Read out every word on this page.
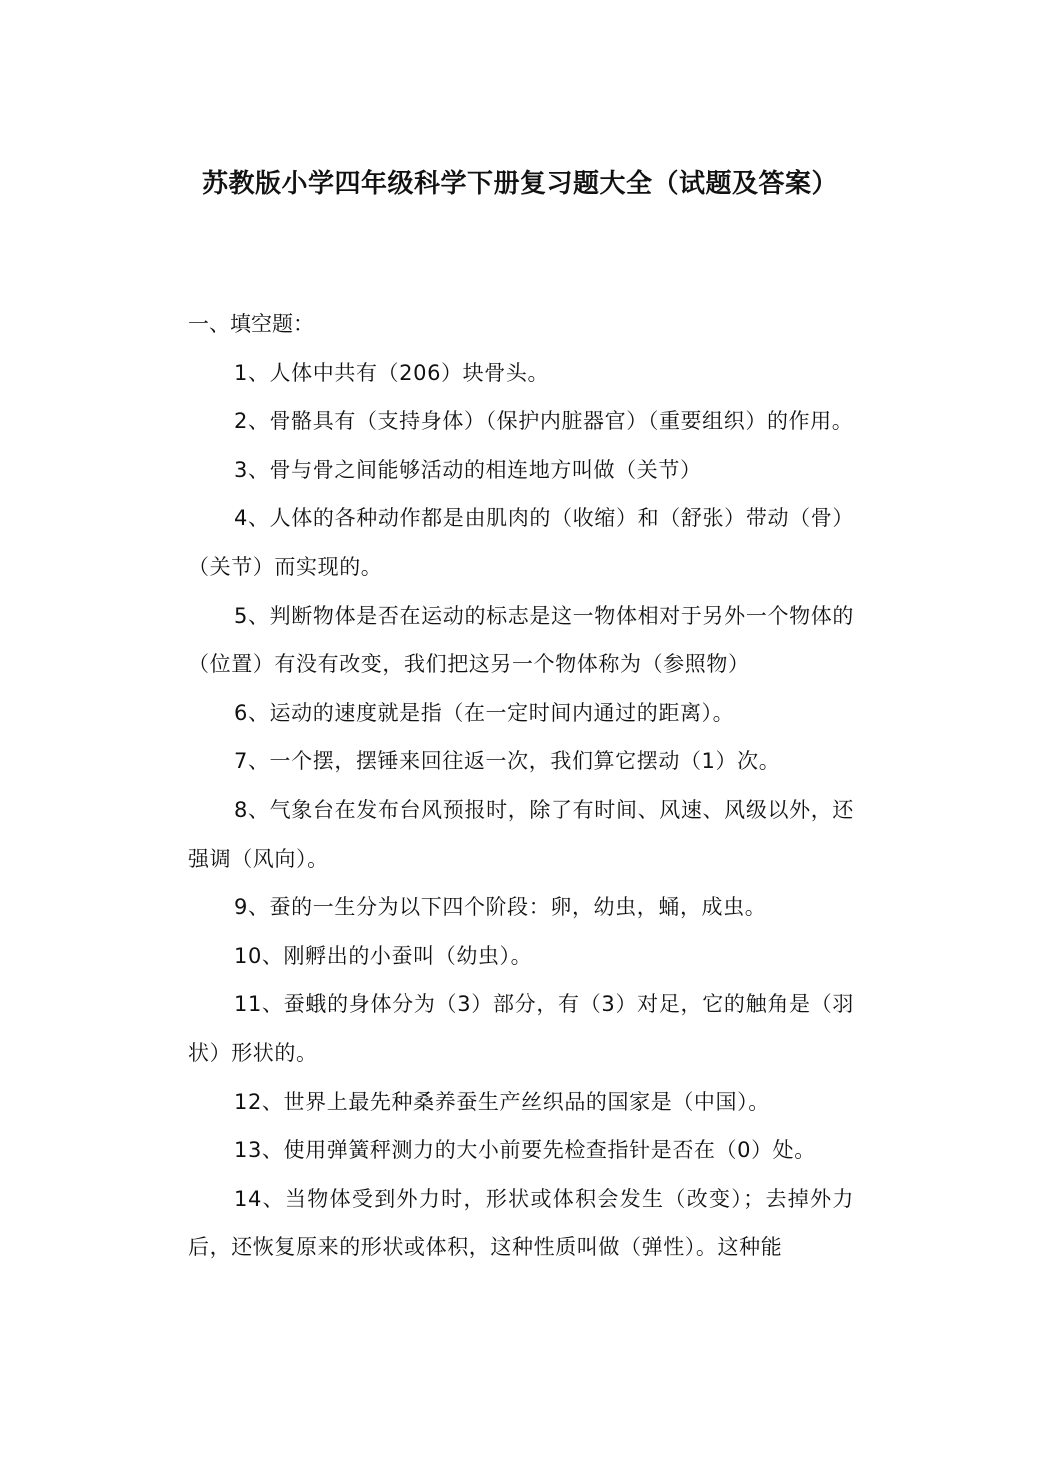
苏教版小学四年级科学下册复习题大全（试题及答案）

一、填空题：

1、人体中共有（206）块骨头。

2、骨骼具有（支持身体）（保护内脏器官）（重要组织）的作用。

3、骨与骨之间能够活动的相连地方叫做（关节）

4、人体的各种动作都是由肌肉的（收缩）和（舒张）带动（骨）（关节）而实现的。

5、判断物体是否在运动的标志是这一物体相对于另外一个物体的（位置）有没有改变，我们把这另一个物体称为（参照物）

6、运动的速度就是指（在一定时间内通过的距离）。

7、一个摆，摆锤来回往返一次，我们算它摆动（1）次。

8、气象台在发布台风预报时，除了有时间、风速、风级以外，还强调（风向）。

9、蚕的一生分为以下四个阶段：卵，幼虫，蛹，成虫。

10、刚孵出的小蚕叫（幼虫）。

11、蚕蛾的身体分为（3）部分，有（3）对足，它的触角是（羽状）形状的。

12、世界上最先种桑养蚕生产丝织品的国家是（中国）。

13、使用弹簧秤测力的大小前要先检查指针是否在（0）处。

14、当物体受到外力时，形状或体积会发生（改变）；去掉外力后，还恢复原来的形状或体积，这种性质叫做（弹性）。这种能
